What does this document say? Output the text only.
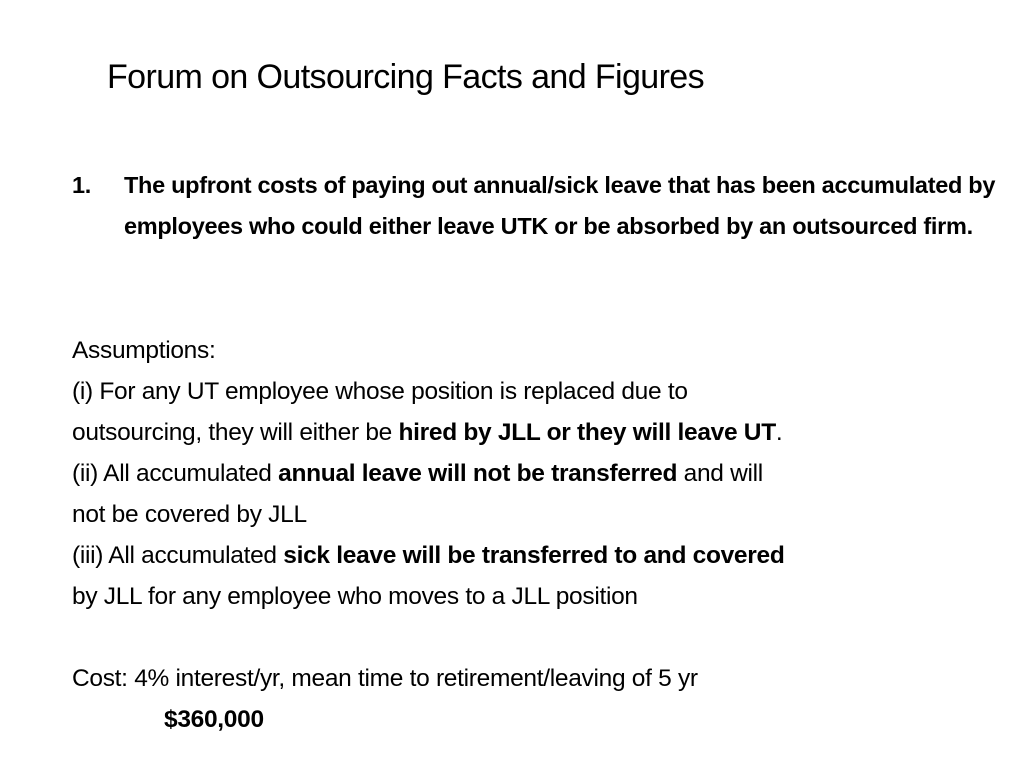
Forum on Outsourcing Facts and Figures
1. The upfront costs of paying out annual/sick leave that has been accumulated by employees who could either leave UTK or be absorbed by an outsourced firm.
Assumptions:
(i) For any UT employee whose position is replaced due to
outsourcing, they will either be hired by JLL or they will leave UT.
(ii) All accumulated annual leave will not be transferred and will
not be covered by JLL
(iii) All accumulated sick leave will be transferred to and covered
by JLL for any employee who moves to a JLL position
Cost: 4% interest/yr, mean time to retirement/leaving of 5 yr
$360,000
